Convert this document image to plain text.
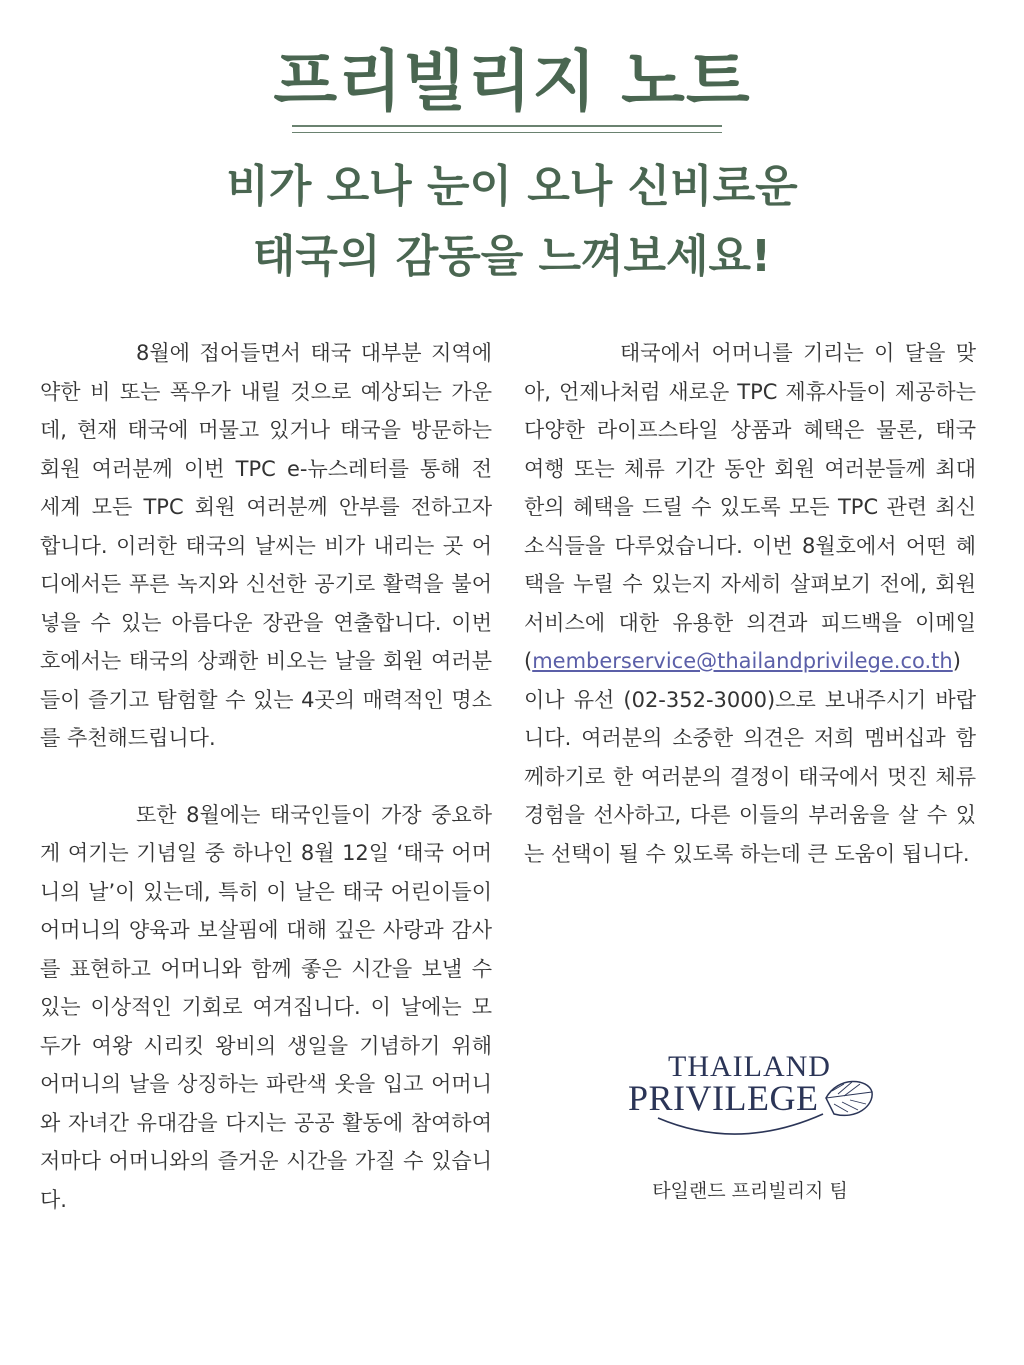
프리빌리지 노트
비가 오나 눈이 오나 신비로운
태국의 감동을 느껴보세요!

8월에 접어들면서 태국 대부분 지역에 약한 비 또는 폭우가 내릴 것으로 예상되는 가운데, 현재 태국에 머물고 있거나 태국을 방문하는 회원 여러분께 이번 TPC e-뉴스레터를 통해 전 세계 모든 TPC 회원 여러분께 안부를 전하고자 합니다. 이러한 태국의 날씨는 비가 내리는 곳 어디에서든 푸른 녹지와 신선한 공기로 활력을 불어넣을 수 있는 아름다운 장관을 연출합니다. 이번 호에서는 태국의 상쾌한 비오는 날을 회원 여러분들이 즐기고 탐험할 수 있는 4곳의 매력적인 명소를 추천해드립니다.

또한 8월에는 태국인들이 가장 중요하게 여기는 기념일 중 하나인 8월 12일 ‘태국 어머니의 날’이 있는데, 특히 이 날은 태국 어린이들이 어머니의 양육과 보살핌에 대해 깊은 사랑과 감사를 표현하고 어머니와 함께 좋은 시간을 보낼 수 있는 이상적인 기회로 여겨집니다. 이 날에는 모두가 여왕 시리킷 왕비의 생일을 기념하기 위해 어머니의 날을 상징하는 파란색 옷을 입고 어머니와 자녀간 유대감을 다지는 공공 활동에 참여하여 저마다 어머니와의 즐거운 시간을 가질 수 있습니다.

태국에서 어머니를 기리는 이 달을 맞아, 언제나처럼 새로운 TPC 제휴사들이 제공하는 다양한 라이프스타일 상품과 혜택은 물론, 태국 여행 또는 체류 기간 동안 회원 여러분들께 최대한의 혜택을 드릴 수 있도록 모든 TPC 관련 최신 소식들을 다루었습니다. 이번 8월호에서 어떤 혜택을 누릴 수 있는지 자세히 살펴보기 전에, 회원 서비스에 대한 유용한 의견과 피드백을 이메일 (memberservice@thailandprivilege.co.th)이나 유선 (02-352-3000)으로 보내주시기 바랍니다. 여러분의 소중한 의견은 저희 멤버십과 함께하기로 한 여러분의 결정이 태국에서 멋진 체류 경험을 선사하고, 다른 이들의 부러움을 살 수 있는 선택이 될 수 있도록 하는데 큰 도움이 됩니다.

THAILAND
PRIVILEGE
타일랜드 프리빌리지 팀
